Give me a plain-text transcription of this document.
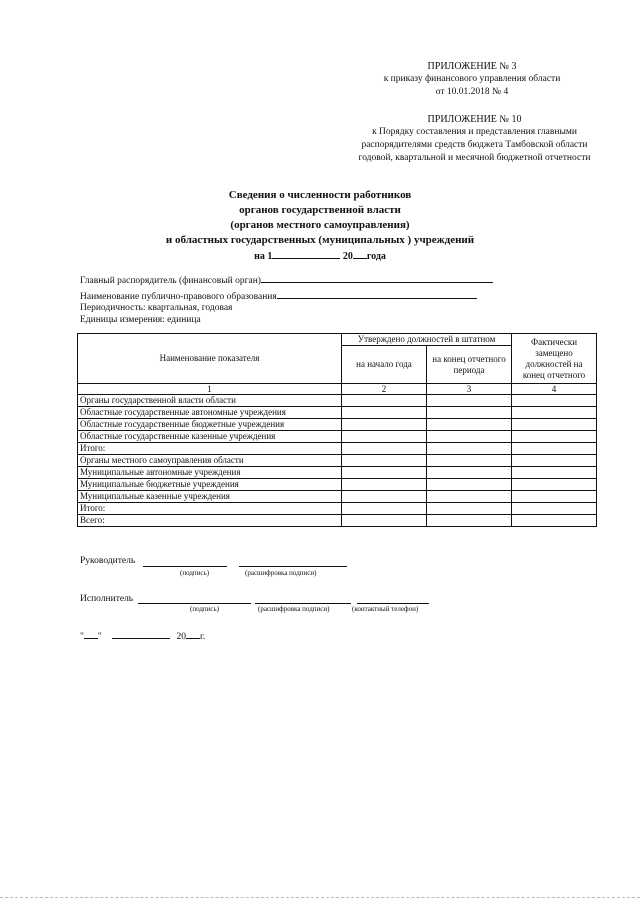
ПРИЛОЖЕНИЕ № 3
к приказу финансового управления области
от 10.01.2018 № 4
ПРИЛОЖЕНИЕ № 10
к Порядку составления и представления главными
распорядителями средств бюджета Тамбовской области
годовой, квартальной и месячной бюджетной отчетности
Сведения о численности работников
органов государственной власти
(органов местного самоуправления)
и областных государственных (муниципальных ) учреждений
на 1	20 года
Главный распорядитель (финансовый орган)
Наименование публично-правового образования
Периодичность: квартальная, годовая
Единицы измерения: единица
Наименование показателя	Утверждено должностей в штатном		Фактически замещено должностей на конец отчетного
	на начало года	на конец отчетного периода	
1	2	3	4
Органы государственной власти области			
Областные государственные автономные учреждения			
Областные государственные бюджетные учреждения			
Областные государственные казенные учреждения			
Итого:			
Органы местного самоуправления области			
Муниципальные автономные учреждения			
Муниципальные бюджетные учреждения			
Муниципальные казенные учреждения			
Итого:			
Всего:			
Руководитель
(подпись)	(расшифровка подписи)
Исполнитель
(подпись)	(расшифровка подписи)	(контактный телефон)
" "	20 г.
